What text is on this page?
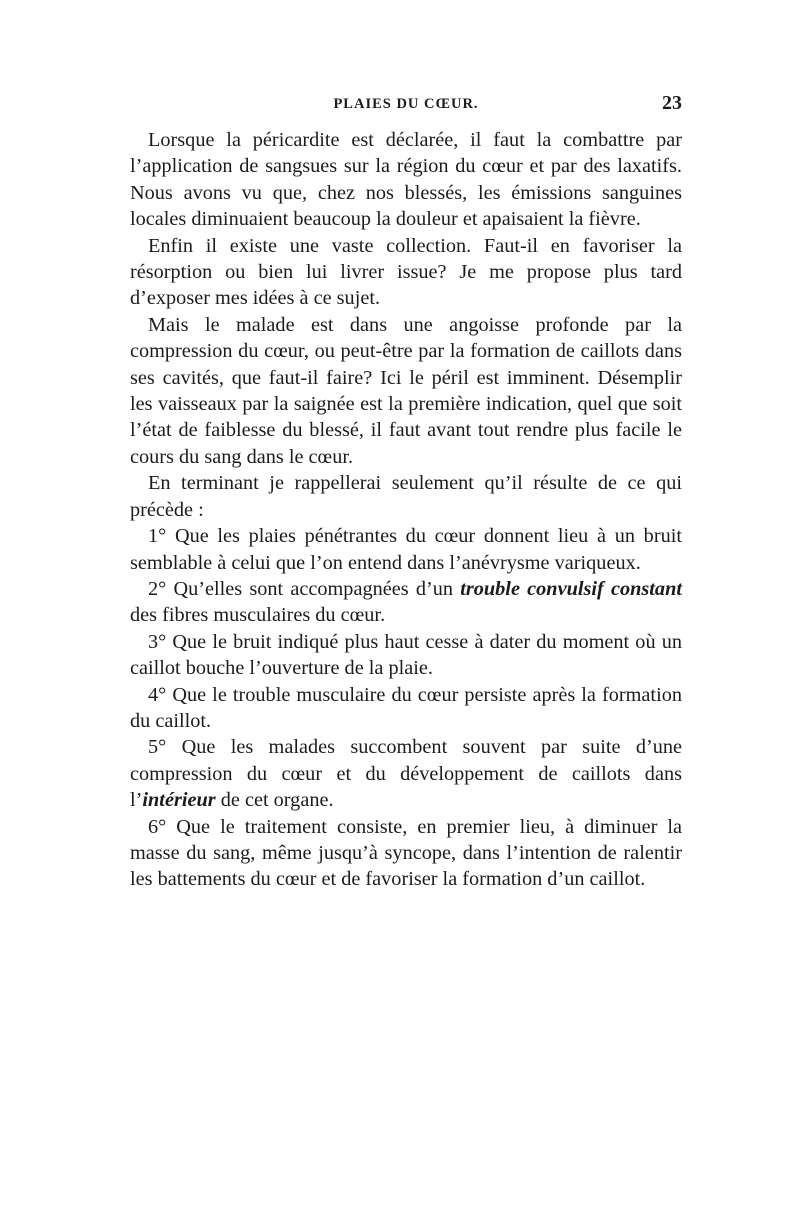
PLAIES DU CŒUR.	23

Lorsque la péricardite est déclarée, il faut la combattre par l’application de sangsues sur la région du cœur et par des laxatifs. Nous avons vu que, chez nos blessés, les émissions sanguines locales diminuaient beaucoup la douleur et apaisaient la fièvre.

Enfin il existe une vaste collection. Faut-il en favoriser la résorption ou bien lui livrer issue? Je me propose plus tard d’exposer mes idées à ce sujet.

Mais le malade est dans une angoisse profonde par la compression du cœur, ou peut-être par la formation de caillots dans ses cavités, que faut-il faire? Ici le péril est imminent. Désemplir les vaisseaux par la saignée est la première indication, quel que soit l’état de faiblesse du blessé, il faut avant tout rendre plus facile le cours du sang dans le cœur.

En terminant je rappellerai seulement qu’il résulte de ce qui précède :

1° Que les plaies pénétrantes du cœur donnent lieu à un bruit semblable à celui que l’on entend dans l’anévrysme variqueux.

2° Qu’elles sont accompagnées d’un trouble convulsif constant des fibres musculaires du cœur.

3° Que le bruit indiqué plus haut cesse à dater du moment où un caillot bouche l’ouverture de la plaie.

4° Que le trouble musculaire du cœur persiste après la formation du caillot.

5° Que les malades succombent souvent par suite d’une compression du cœur et du développement de caillots dans l’intérieur de cet organe.

6° Que le traitement consiste, en premier lieu, à diminuer la masse du sang, même jusqu’à syncope, dans l’intention de ralentir les battements du cœur et de favoriser la formation d’un caillot.
